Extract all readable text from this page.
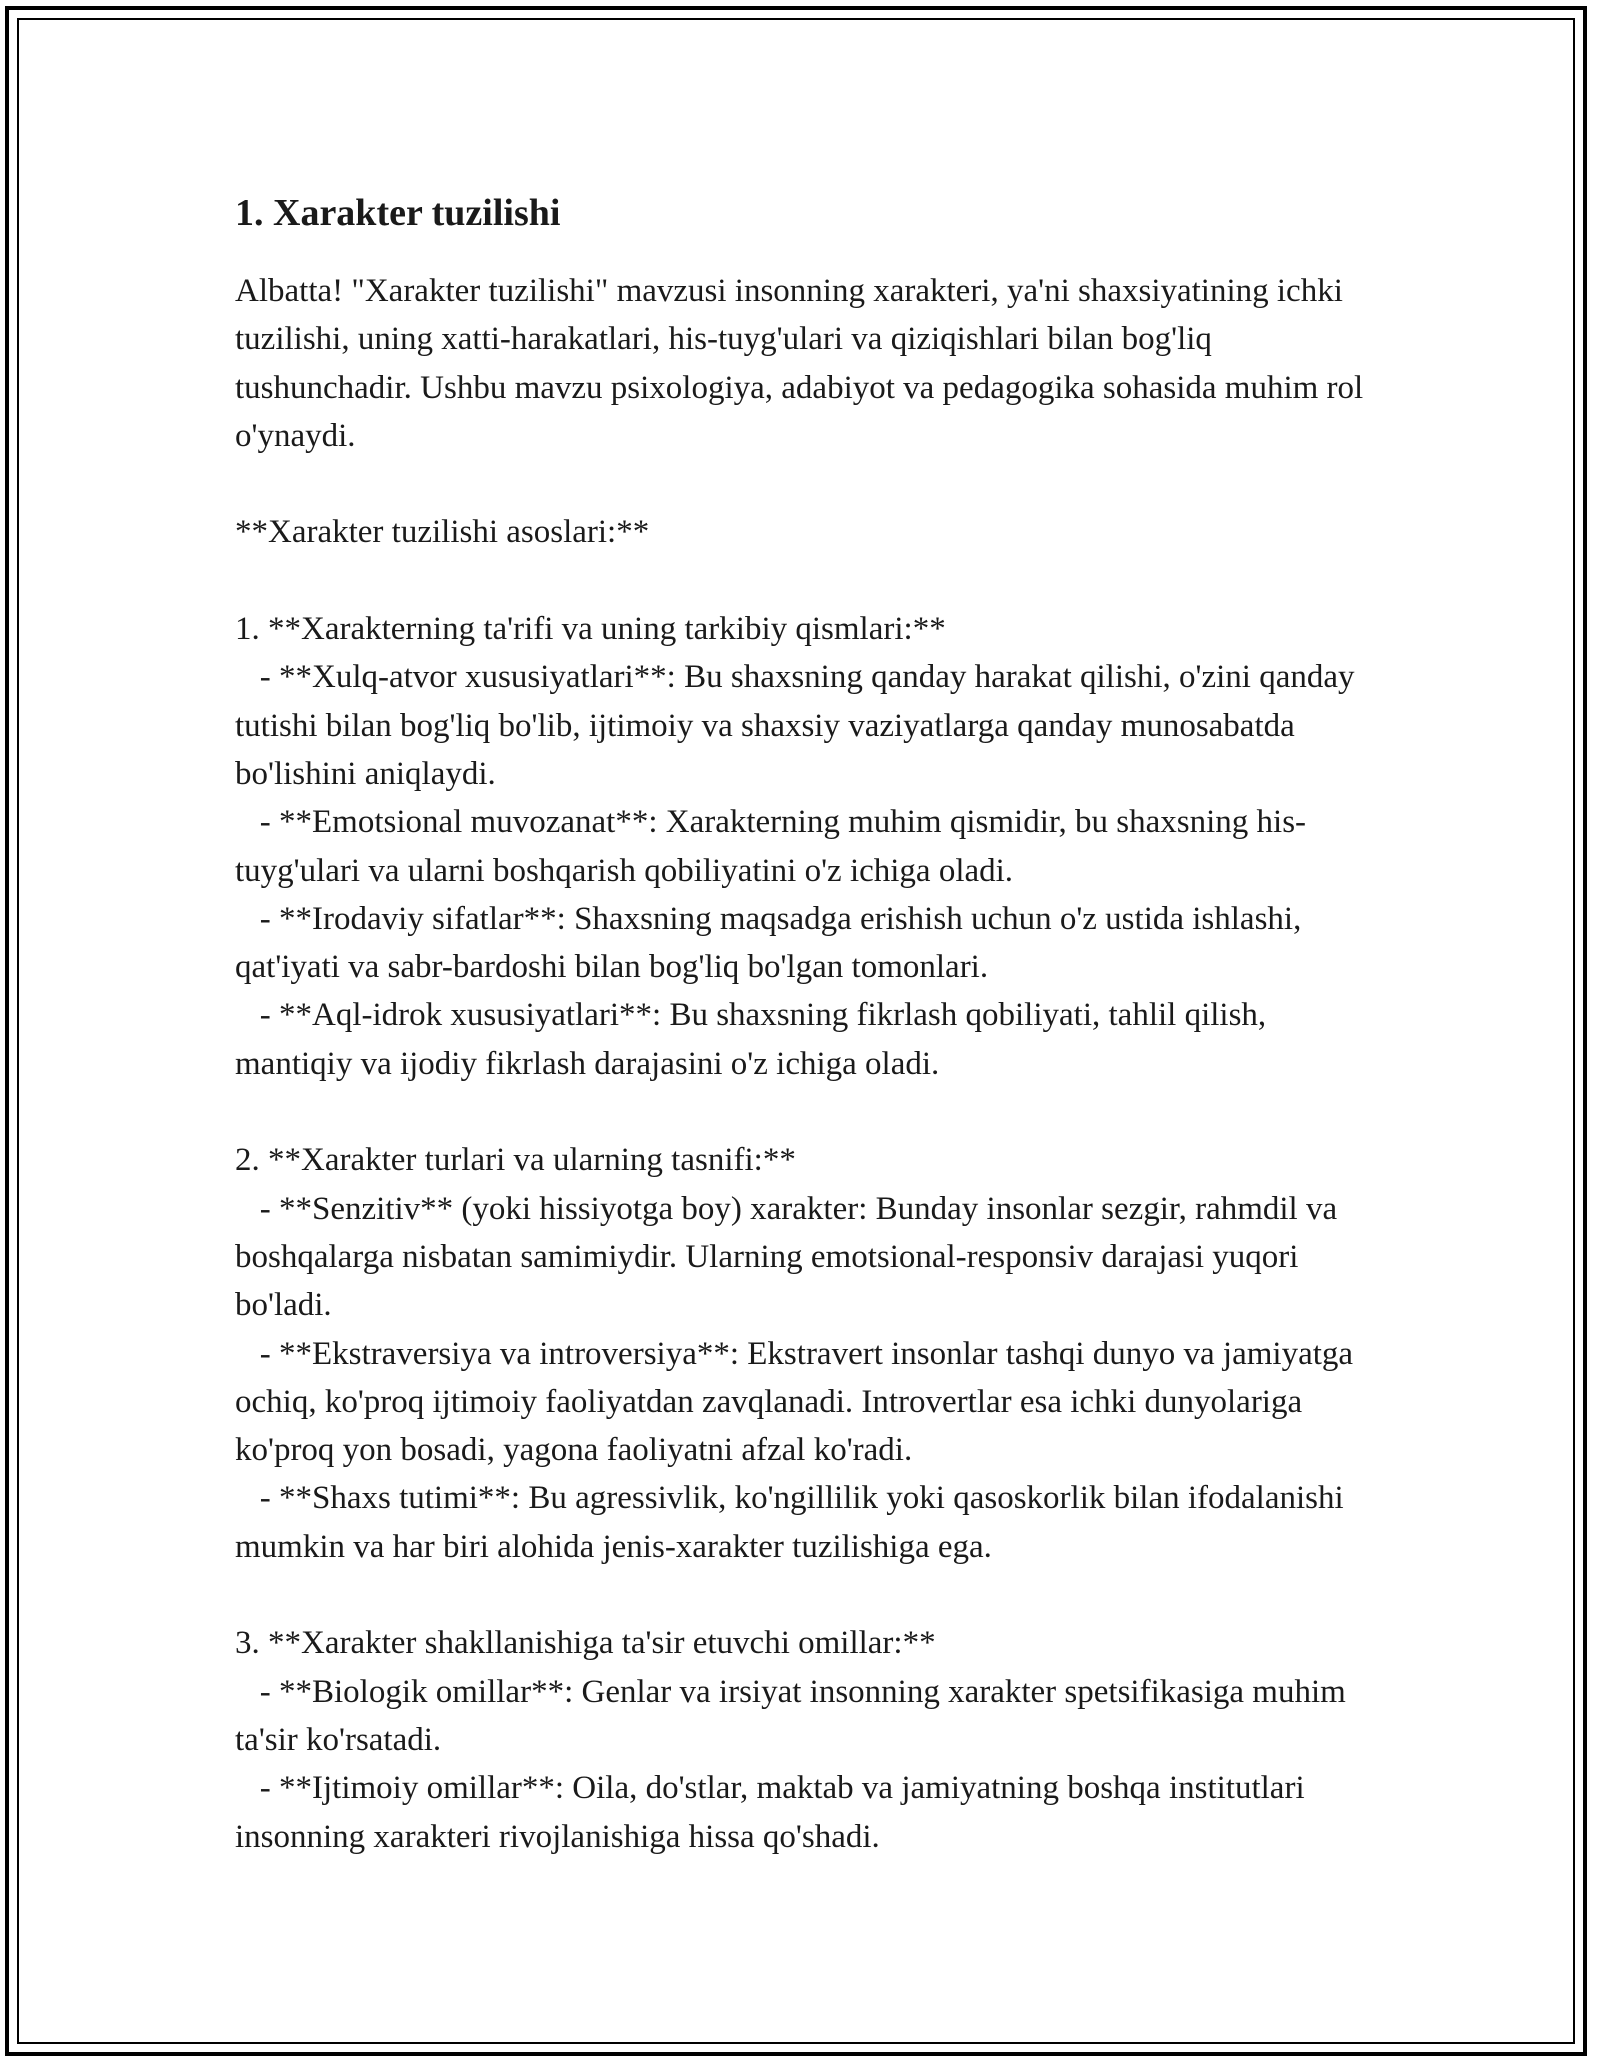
1. Xarakter tuzilishi

Albatta! "Xarakter tuzilishi" mavzusi insonning xarakteri, ya'ni shaxsiyatining ichki tuzilishi, uning xatti-harakatlari, his-tuyg'ulari va qiziqishlari bilan bog'liq tushunchadir. Ushbu mavzu psixologiya, adabiyot va pedagogika sohasida muhim rol o'ynaydi.

**Xarakter tuzilishi asoslari:**

1. **Xarakterning ta'rifi va uning tarkibiy qismlari:**

- **Xulq-atvor xususiyatlari**: Bu shaxsning qanday harakat qilishi, o'zini qanday tutishi bilan bog'liq bo'lib, ijtimoiy va shaxsiy vaziyatlarga qanday munosabatda bo'lishini aniqlaydi.

- **Emotsional muvozanat**: Xarakterning muhim qismidir, bu shaxsning his-tuyg'ulari va ularni boshqarish qobiliyatini o'z ichiga oladi.

- **Irodaviy sifatlar**: Shaxsning maqsadga erishish uchun o'z ustida ishlashi, qat'iyati va sabr-bardoshi bilan bog'liq bo'lgan tomonlari.

- **Aql-idrok xususiyatlari**: Bu shaxsning fikrlash qobiliyati, tahlil qilish, mantiqiy va ijodiy fikrlash darajasini o'z ichiga oladi.

2. **Xarakter turlari va ularning tasnifi:**

- **Senzitiv** (yoki hissiyotga boy) xarakter: Bunday insonlar sezgir, rahmdil va boshqalarga nisbatan samimiydir. Ularning emotsional-responsiv darajasi yuqori bo'ladi.

- **Ekstraversiya va introversiya**: Ekstravert insonlar tashqi dunyo va jamiyatga ochiq, ko'proq ijtimoiy faoliyatdan zavqlanadi. Introvertlar esa ichki dunyolariga ko'proq yon bosadi, yagona faoliyatni afzal ko'radi.

- **Shaxs tutimi**: Bu agressivlik, ko'ngillilik yoki qasoskorlik bilan ifodalanishi mumkin va har biri alohida jenis-xarakter tuzilishiga ega.

3. **Xarakter shakllanishiga ta'sir etuvchi omillar:**

- **Biologik omillar**: Genlar va irsiyat insonning xarakter spetsifikasiga muhim ta'sir ko'rsatadi.

- **Ijtimoiy omillar**: Oila, do'stlar, maktab va jamiyatning boshqa institutlari insonning xarakteri rivojlanishiga hissa qo'shadi.
